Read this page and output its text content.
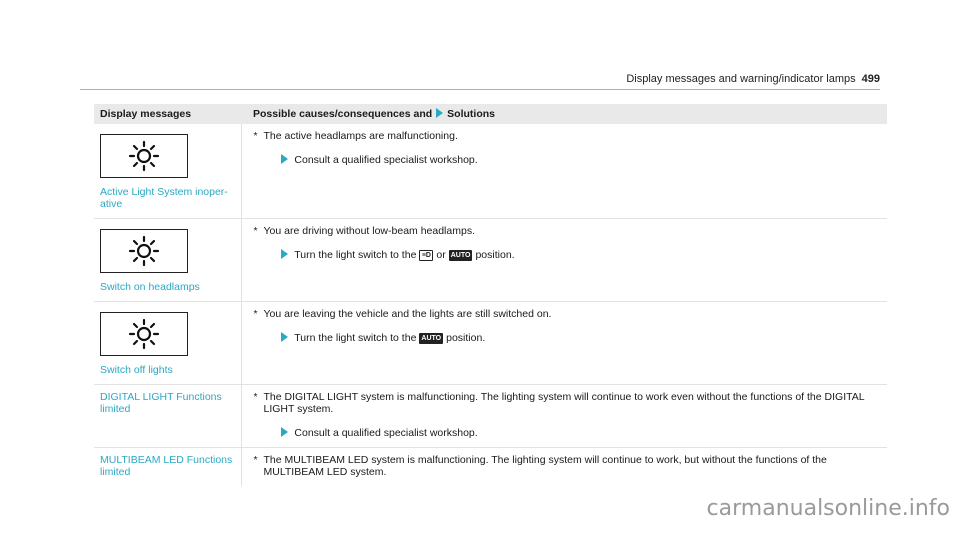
Display messages and warning/indicator lamps 499
Display messages	Possible causes/consequences and Solutions

Active Light System inoper-ative	* The active headlamps are malfunctioning.
Consult a qualified specialist workshop.

Switch on headlamps	* You are driving without low-beam headlamps.
Turn the light switch to the ≡D or AUTO position.

Switch off lights	* You are leaving the vehicle and the lights are still switched on.
Turn the light switch to the AUTO position.

DIGITAL LIGHT Functions limited	* The DIGITAL LIGHT system is malfunctioning. The lighting system will continue to work even without the functions of the DIGITAL LIGHT system.
Consult a qualified specialist workshop.

MULTIBEAM LED Functions limited	* The MULTIBEAM LED system is malfunctioning. The lighting system will continue to work, but without the functions of the MULTIBEAM LED system.
carmanualsonline.info
